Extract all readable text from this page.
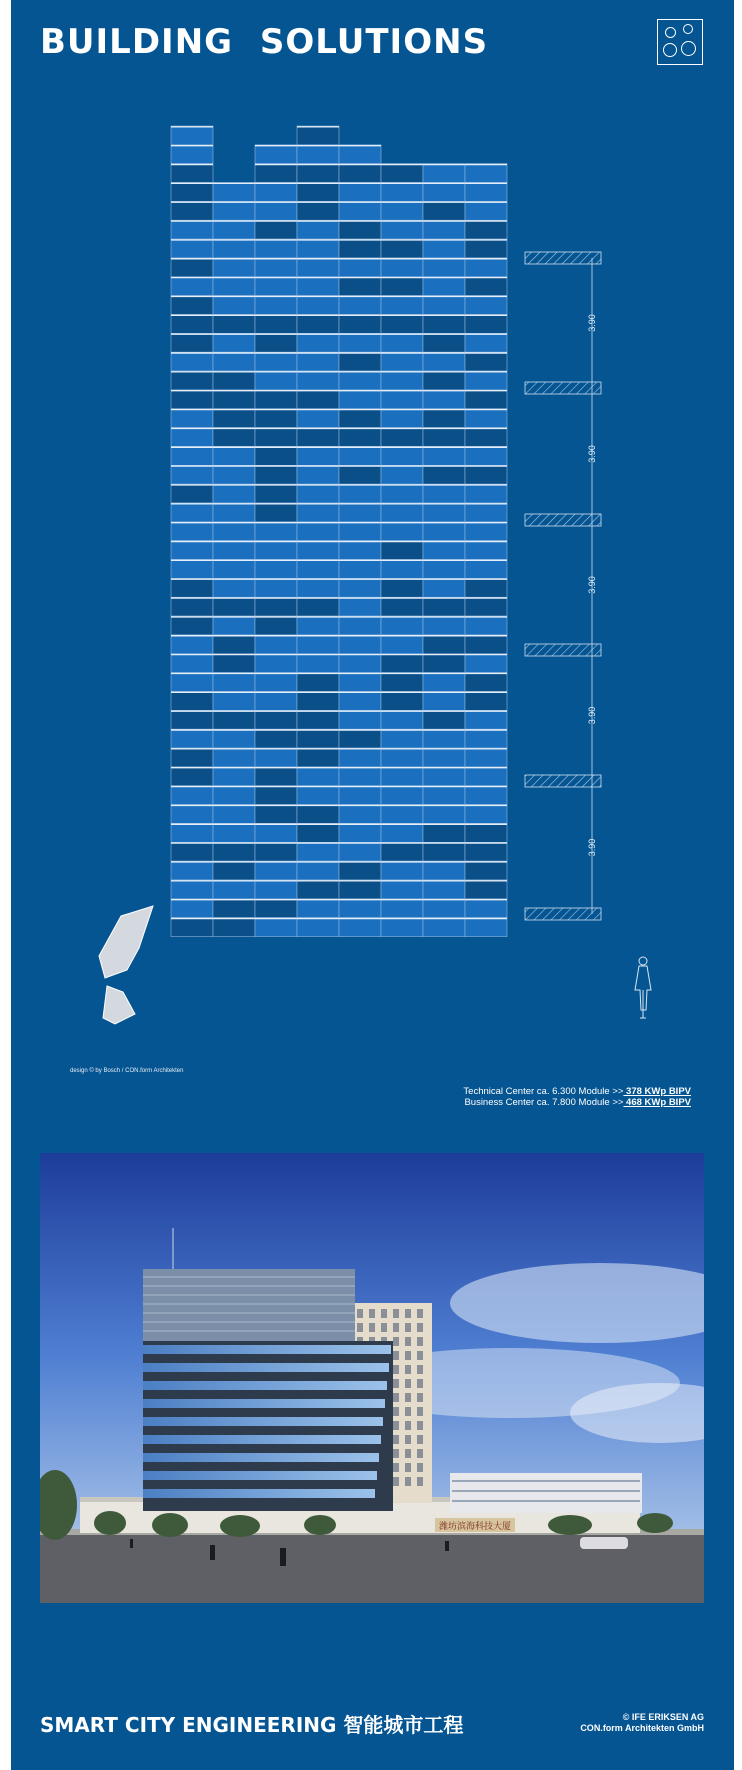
BUILDING SOLUTIONS
3.90
3.90
3.90
3.90
3.90
design © by Bosch / CON.form Architekten
Technical Center ca. 6.300 Module >> 378 KWp BIPV
Business Center ca. 7.800 Module >> 468 KWp BIPV
潍坊滨海科技大厦
SMART CITY ENGINEERING 智能城市工程	© IFE ERIKSEN AG
CON.form Architekten GmbH
